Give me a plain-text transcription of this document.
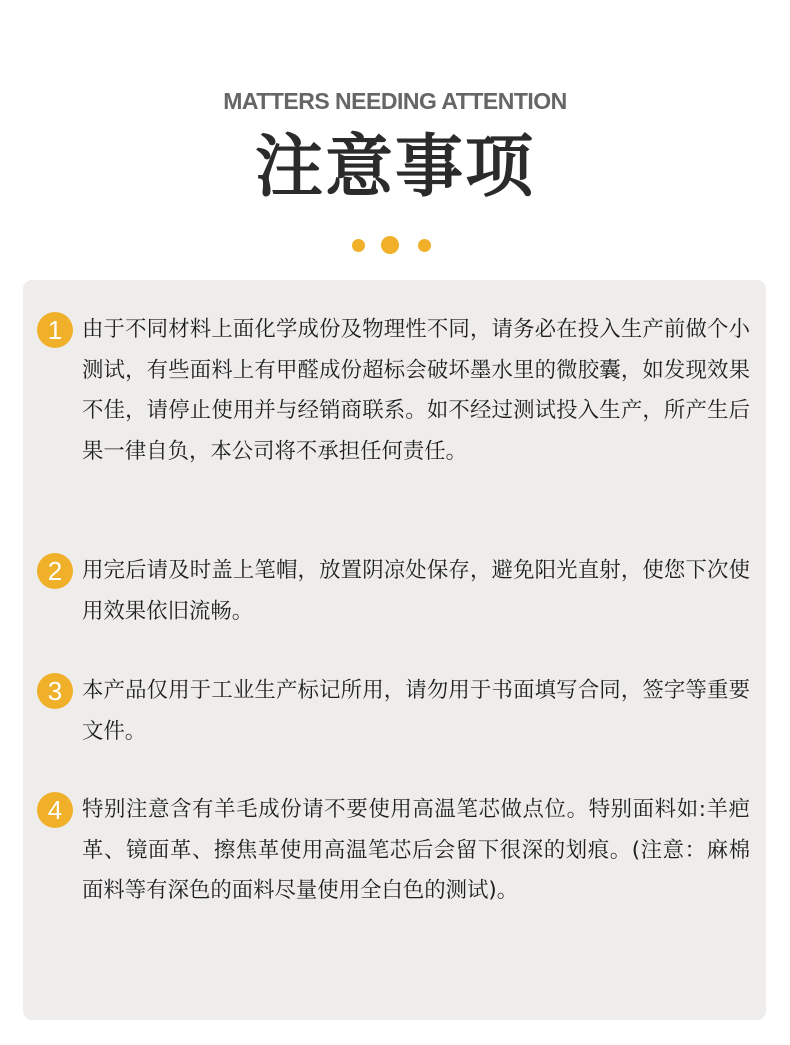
MATTERS NEEDING ATTENTION
注意事项
1 由于不同材料上面化学成份及物理性不同，请务必在投入生产前做个小测试，有些面料上有甲醛成份超标会破坏墨水里的微胶囊，如发现效果不佳，请停止使用并与经销商联系。如不经过测试投入生产，所产生后果一律自负，本公司将不承担任何责任。
2 用完后请及时盖上笔帽，放置阴凉处保存，避免阳光直射，使您下次使用效果依旧流畅。
3 本产品仅用于工业生产标记所用，请勿用于书面填写合同，签字等重要文件。
4 特别注意含有羊毛成份请不要使用高温笔芯做点位。特别面料如:羊疤革、镜面革、擦焦革使用高温笔芯后会留下很深的划痕。(注意：麻棉面料等有深色的面料尽量使用全白色的测试)。
